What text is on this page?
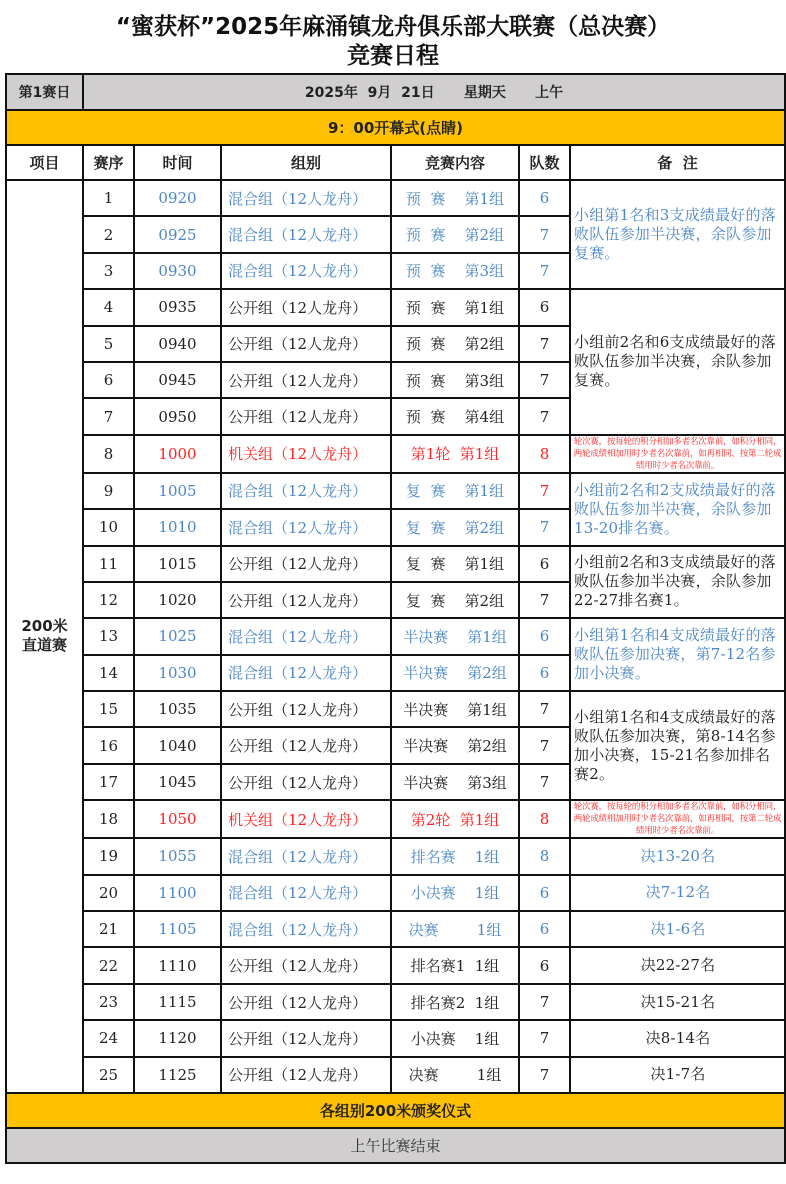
“蜜获杯”2025年麻涌镇龙舟俱乐部大联赛（总决赛）
竞赛日程
第1赛日	2025年  9月  21日      星期天      上午					
9：00开幕式(点睛)						
项目	赛序	时间	组别	竞赛内容	队数	备  注

200米
直道赛	1	0920	混合组（12人龙舟）	预  赛    第1组	6	小组第1名和3支成绩最好的落败队伍参加半决赛，余队参加复赛。
	2	0925	混合组（12人龙舟）	预  赛    第2组	7	
	3	0930	混合组（12人龙舟）	预  赛    第3组	7	
	4	0935	公开组（12人龙舟）	预  赛    第1组	6	小组前2名和6支成绩最好的落败队伍参加半决赛，余队参加复赛。
	5	0940	公开组（12人龙舟）	预  赛    第2组	7	
	6	0945	公开组（12人龙舟）	预  赛    第3组	7	
	7	0950	公开组（12人龙舟）	预  赛    第4组	7	
	8	1000	机关组（12人龙舟）	第1轮  第1组	8	轮次赛，按每轮的积分相加多者名次靠前，如积分相同，两轮成绩相加用时少者名次靠前，如再相同，按第二轮成绩用时少者名次靠前。
	9	1005	混合组（12人龙舟）	复  赛    第1组	7	小组前2名和2支成绩最好的落败队伍参加半决赛，余队参加13-20排名赛。
	10	1010	混合组（12人龙舟）	复  赛    第2组	7	
	11	1015	公开组（12人龙舟）	复  赛    第1组	6	小组前2名和3支成绩最好的落败队伍参加半决赛，余队参加22-27排名赛1。
	12	1020	公开组（12人龙舟）	复  赛    第2组	7	
	13	1025	混合组（12人龙舟）	半决赛    第1组	6	小组第1名和4支成绩最好的落败队伍参加决赛，第7-12名参加小决赛。
	14	1030	混合组（12人龙舟）	半决赛    第2组	6	
	15	1035	公开组（12人龙舟）	半决赛    第1组	7	小组第1名和4支成绩最好的落败队伍参加决赛，第8-14名参加小决赛，15-21名参加排名赛2。
	16	1040	公开组（12人龙舟）	半决赛    第2组	7	
	17	1045	公开组（12人龙舟）	半决赛    第3组	7	
	18	1050	机关组（12人龙舟）	第2轮  第1组	8	轮次赛，按每轮的积分相加多者名次靠前，如积分相同，两轮成绩相加用时少者名次靠前，如再相同，按第二轮成绩用时少者名次靠前。
	19	1055	混合组（12人龙舟）	排名赛    1组	8	决13-20名
	20	1100	混合组（12人龙舟）	小决赛    1组	6	决7-12名
	21	1105	混合组（12人龙舟）	决赛        1组	6	决1-6名
	22	1110	公开组（12人龙舟）	排名赛1  1组	6	决22-27名
	23	1115	公开组（12人龙舟）	排名赛2  1组	7	决15-21名
	24	1120	公开组（12人龙舟）	小决赛    1组	7	决8-14名
	25	1125	公开组（12人龙舟）	决赛        1组	7	决1-7名
各组别200米颁奖仪式						
上午比赛结束						
